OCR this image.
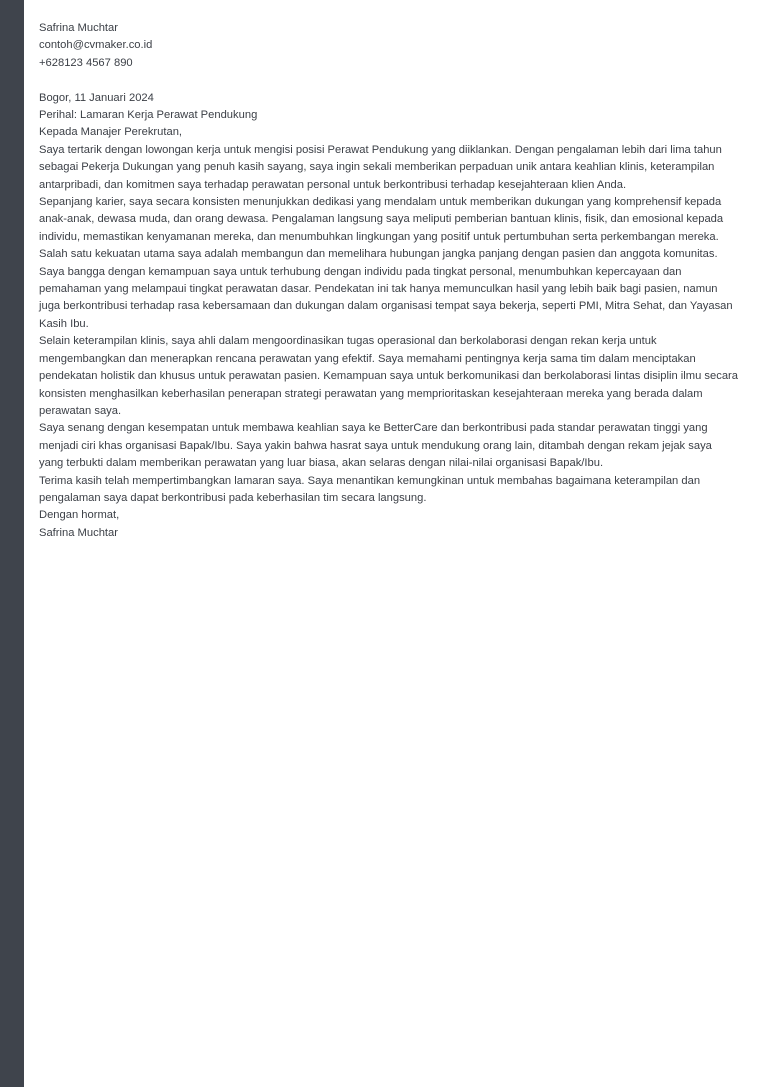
Safrina Muchtar

contoh@cvmaker.co.id

+628123 4567 890

Bogor, 11 Januari 2024

Perihal: Lamaran Kerja Perawat Pendukung

Kepada Manajer Perekrutan,

Saya tertarik dengan lowongan kerja untuk mengisi posisi Perawat Pendukung yang diiklankan. Dengan pengalaman lebih dari lima tahun sebagai Pekerja Dukungan yang penuh kasih sayang, saya ingin sekali memberikan perpaduan unik antara keahlian klinis, keterampilan antarpribadi, dan komitmen saya terhadap perawatan personal untuk berkontribusi terhadap kesejahteraan klien Anda.

Sepanjang karier, saya secara konsisten menunjukkan dedikasi yang mendalam untuk memberikan dukungan yang komprehensif kepada anak-anak, dewasa muda, dan orang dewasa. Pengalaman langsung saya meliputi pemberian bantuan klinis, fisik, dan emosional kepada individu, memastikan kenyamanan mereka, dan menumbuhkan lingkungan yang positif untuk pertumbuhan serta perkembangan mereka.

Salah satu kekuatan utama saya adalah membangun dan memelihara hubungan jangka panjang dengan pasien dan anggota komunitas. Saya bangga dengan kemampuan saya untuk terhubung dengan individu pada tingkat personal, menumbuhkan kepercayaan dan pemahaman yang melampaui tingkat perawatan dasar. Pendekatan ini tak hanya memunculkan hasil yang lebih baik bagi pasien, namun juga berkontribusi terhadap rasa kebersamaan dan dukungan dalam organisasi tempat saya bekerja, seperti PMI, Mitra Sehat, dan Yayasan Kasih Ibu.

Selain keterampilan klinis, saya ahli dalam mengoordinasikan tugas operasional dan berkolaborasi dengan rekan kerja untuk mengembangkan dan menerapkan rencana perawatan yang efektif. Saya memahami pentingnya kerja sama tim dalam menciptakan pendekatan holistik dan khusus untuk perawatan pasien. Kemampuan saya untuk berkomunikasi dan berkolaborasi lintas disiplin ilmu secara konsisten menghasilkan keberhasilan penerapan strategi perawatan yang memprioritaskan kesejahteraan mereka yang berada dalam perawatan saya.

Saya senang dengan kesempatan untuk membawa keahlian saya ke BetterCare dan berkontribusi pada standar perawatan tinggi yang menjadi ciri khas organisasi Bapak/Ibu. Saya yakin bahwa hasrat saya untuk mendukung orang lain, ditambah dengan rekam jejak saya yang terbukti dalam memberikan perawatan yang luar biasa, akan selaras dengan nilai-nilai organisasi Bapak/Ibu.

Terima kasih telah mempertimbangkan lamaran saya. Saya menantikan kemungkinan untuk membahas bagaimana keterampilan dan pengalaman saya dapat berkontribusi pada keberhasilan tim secara langsung.

Dengan hormat,

Safrina Muchtar
